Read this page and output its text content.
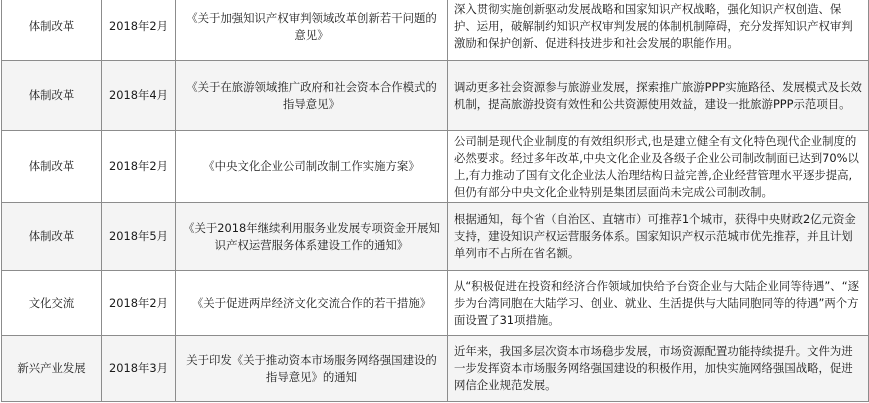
体制改革	2018年2月	《关于加强知识产权审判领域改革创新若干问题的意见》	深入贯彻实施创新驱动发展战略和国家知识产权战略，强化知识产权创造、保护、运用，破解制约知识产权审判发展的体制机制障碍，充分发挥知识产权审判激励和保护创新、促进科技进步和社会发展的职能作用。
体制改革	2018年4月	《关于在旅游领域推广政府和社会资本合作模式的指导意见》	调动更多社会资源参与旅游业发展，探索推广旅游PPP实施路径、发展模式及长效机制，提高旅游投资有效性和公共资源使用效益，建设一批旅游PPP示范项目。
体制改革	2018年2月	《中央文化企业公司制改制工作实施方案》	公司制是现代企业制度的有效组织形式,也是建立健全有文化特色现代企业制度的必然要求。经过多年改革,中央文化企业及各级子企业公司制改制面已达到70%以上,有力推动了国有文化企业法人治理结构日益完善,企业经营管理水平逐步提高,但仍有部分中央文化企业特别是集团层面尚未完成公司制改制。
体制改革	2018年5月	《关于2018年继续利用服务业发展专项资金开展知识产权运营服务体系建设工作的通知》	根据通知，每个省（自治区、直辖市）可推荐1个城市，获得中央财政2亿元资金支持，建设知识产权运营服务体系。国家知识产权示范城市优先推荐，并且计划单列市不占所在省名额。
文化交流	2018年2月	《关于促进两岸经济文化交流合作的若干措施》	从“积极促进在投资和经济合作领域加快给予台资企业与大陆企业同等待遇”、“逐步为台湾同胞在大陆学习、创业、就业、生活提供与大陆同胞同等的待遇”两个方面设置了31项措施。
新兴产业发展	2018年3月	关于印发《关于推动资本市场服务网络强国建设的指导意见》的通知	近年来，我国多层次资本市场稳步发展，市场资源配置功能持续提升。文件为进一步发挥资本市场服务网络强国建设的积极作用，加快实施网络强国战略，促进网信企业规范发展。
